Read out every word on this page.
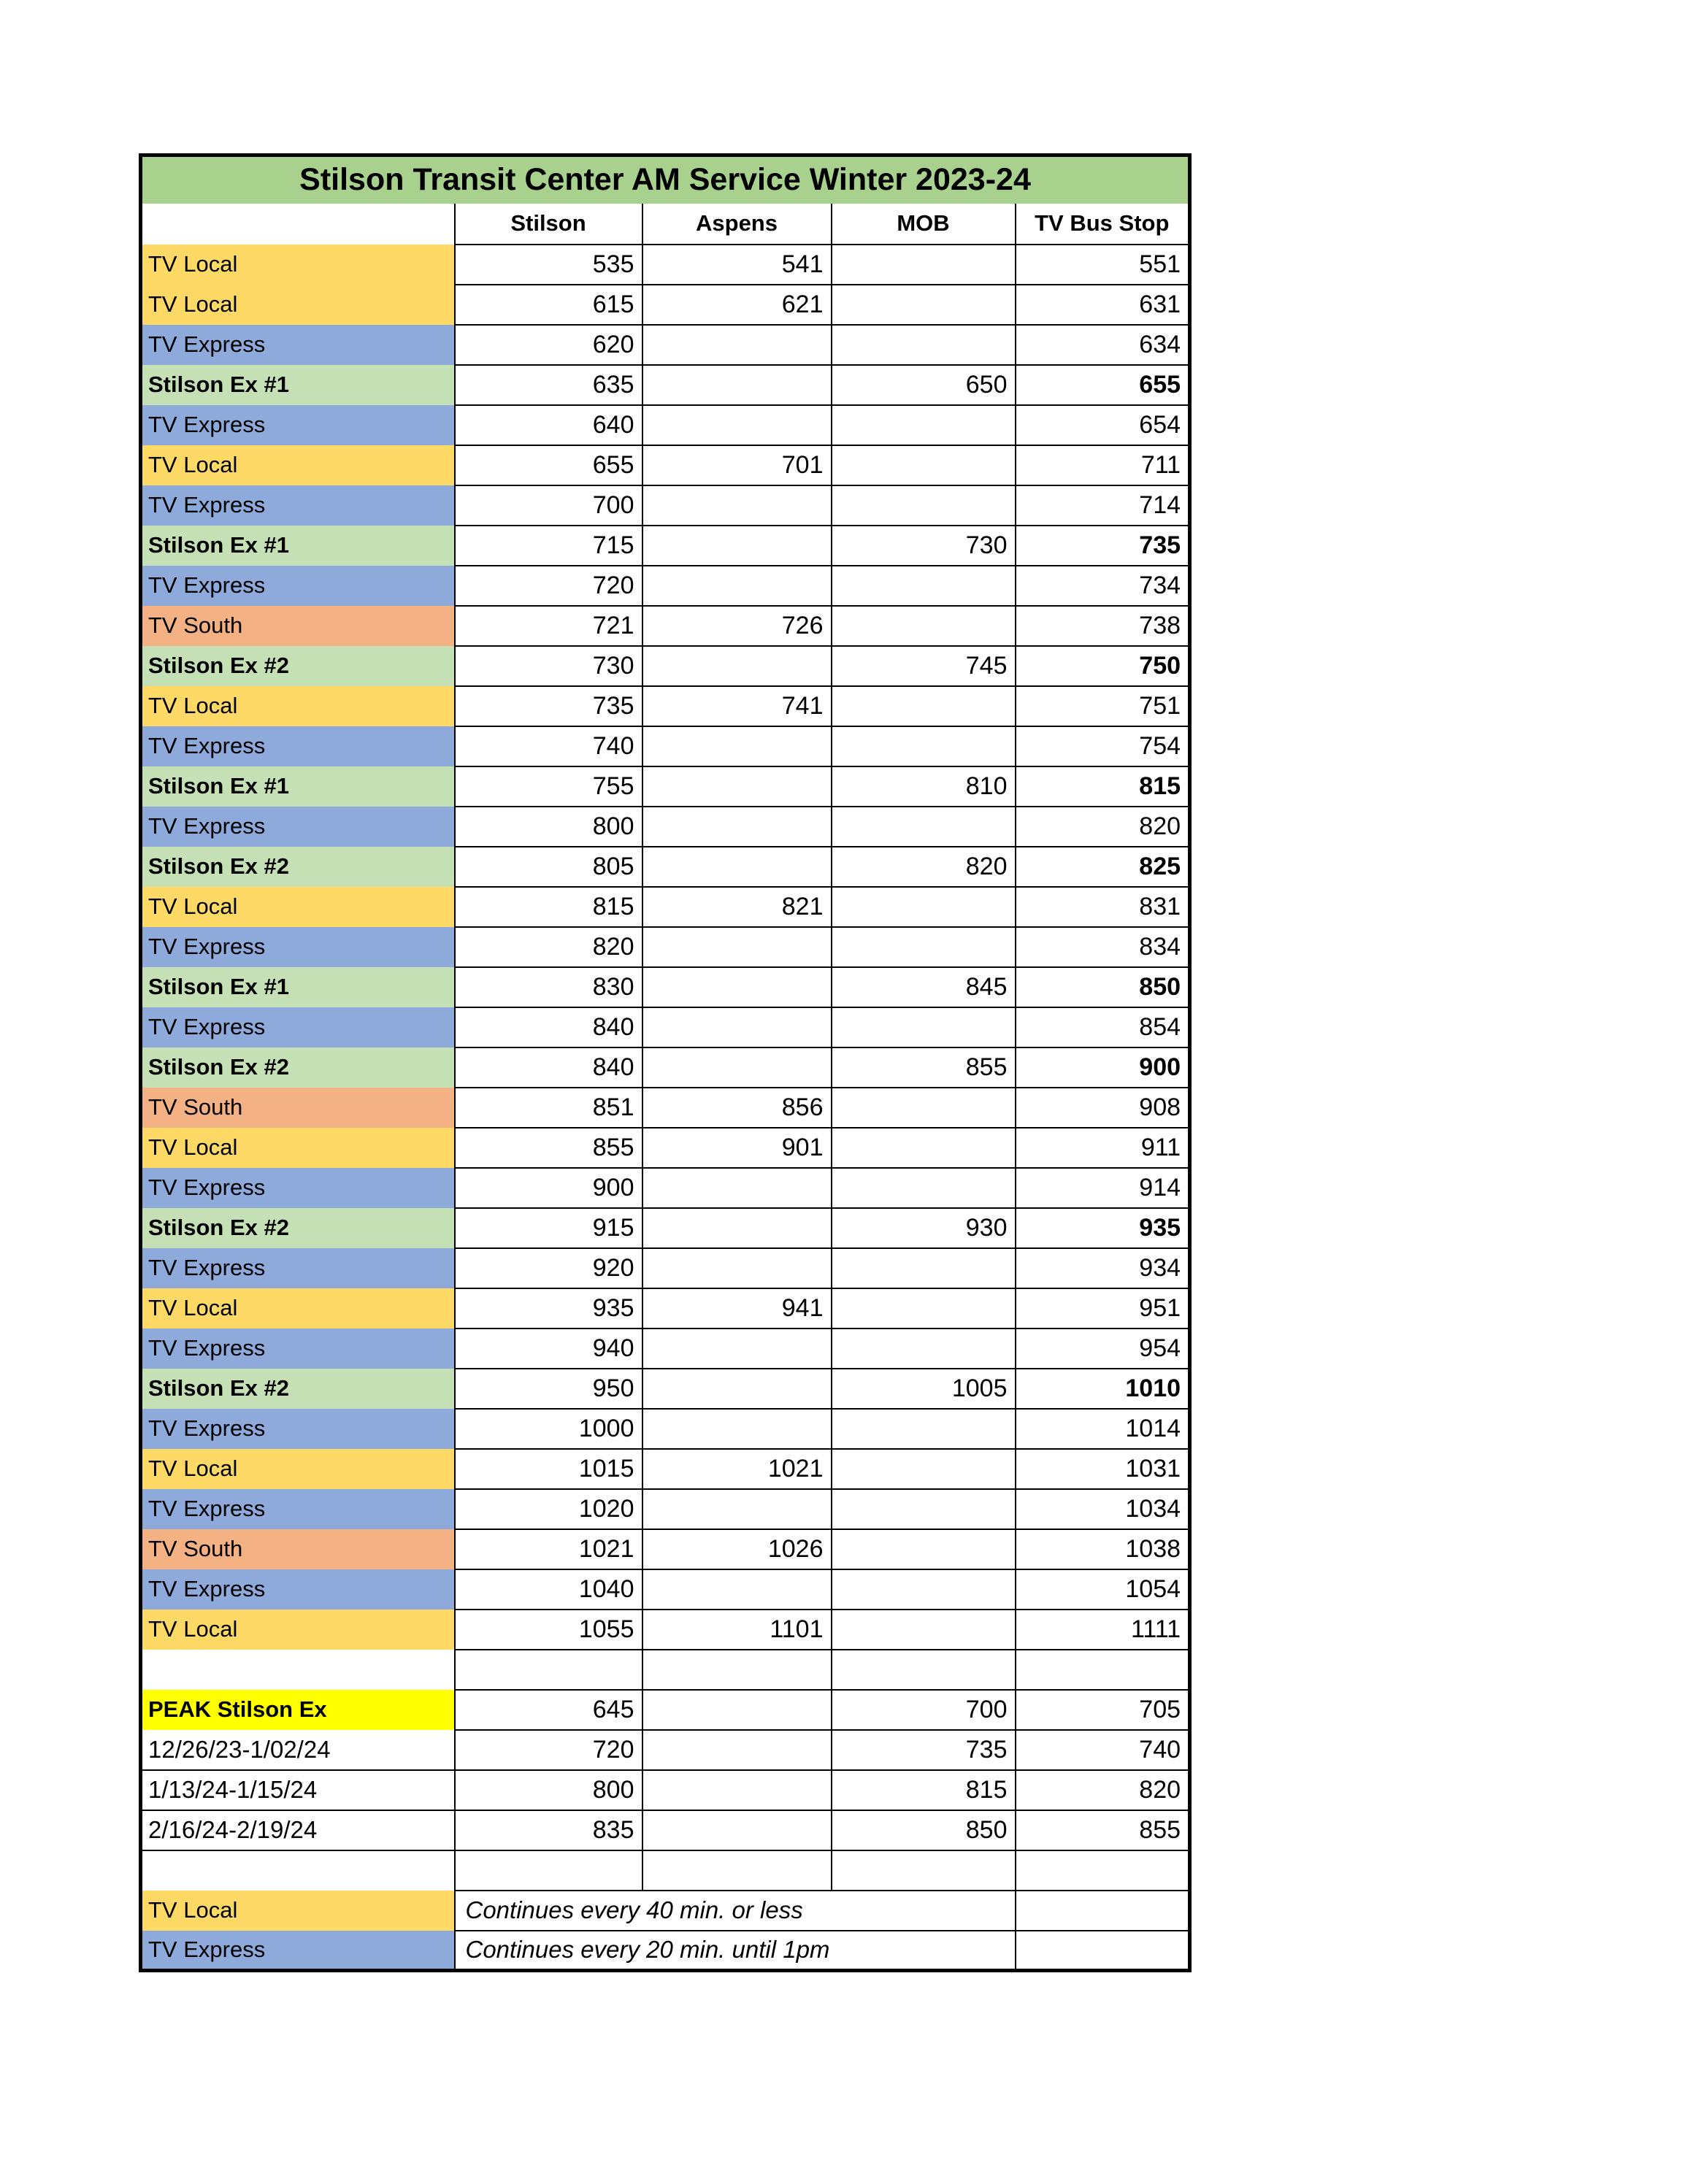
Stilson Transit Center AM Service Winter 2023-24				
	Stilson	Aspens	MOB	TV Bus Stop
TV Local	535	541		551
TV Local	615	621		631
TV Express	620			634
Stilson Ex #1	635		650	655
TV Express	640			654
TV Local	655	701		711
TV Express	700			714
Stilson Ex #1	715		730	735
TV Express	720			734
TV South	721	726		738
Stilson Ex #2	730		745	750
TV Local	735	741		751
TV Express	740			754
Stilson Ex #1	755		810	815
TV Express	800			820
Stilson Ex #2	805		820	825
TV Local	815	821		831
TV Express	820			834
Stilson Ex #1	830		845	850
TV Express	840			854
Stilson Ex #2	840		855	900
TV South	851	856		908
TV Local	855	901		911
TV Express	900			914
Stilson Ex #2	915		930	935
TV Express	920			934
TV Local	935	941		951
TV Express	940			954
Stilson Ex #2	950		1005	1010
TV Express	1000			1014
TV Local	1015	1021		1031
TV Express	1020			1034
TV South	1021	1026		1038
TV Express	1040			1054
TV Local	1055	1101		1111

PEAK Stilson Ex	645		700	705
12/26/23-1/02/24	720		735	740
1/13/24-1/15/24	800		815	820
2/16/24-2/19/24	835		850	855

TV Local	Continues every 40 min. or less			
TV Express	Continues every 20 min. until 1pm			
